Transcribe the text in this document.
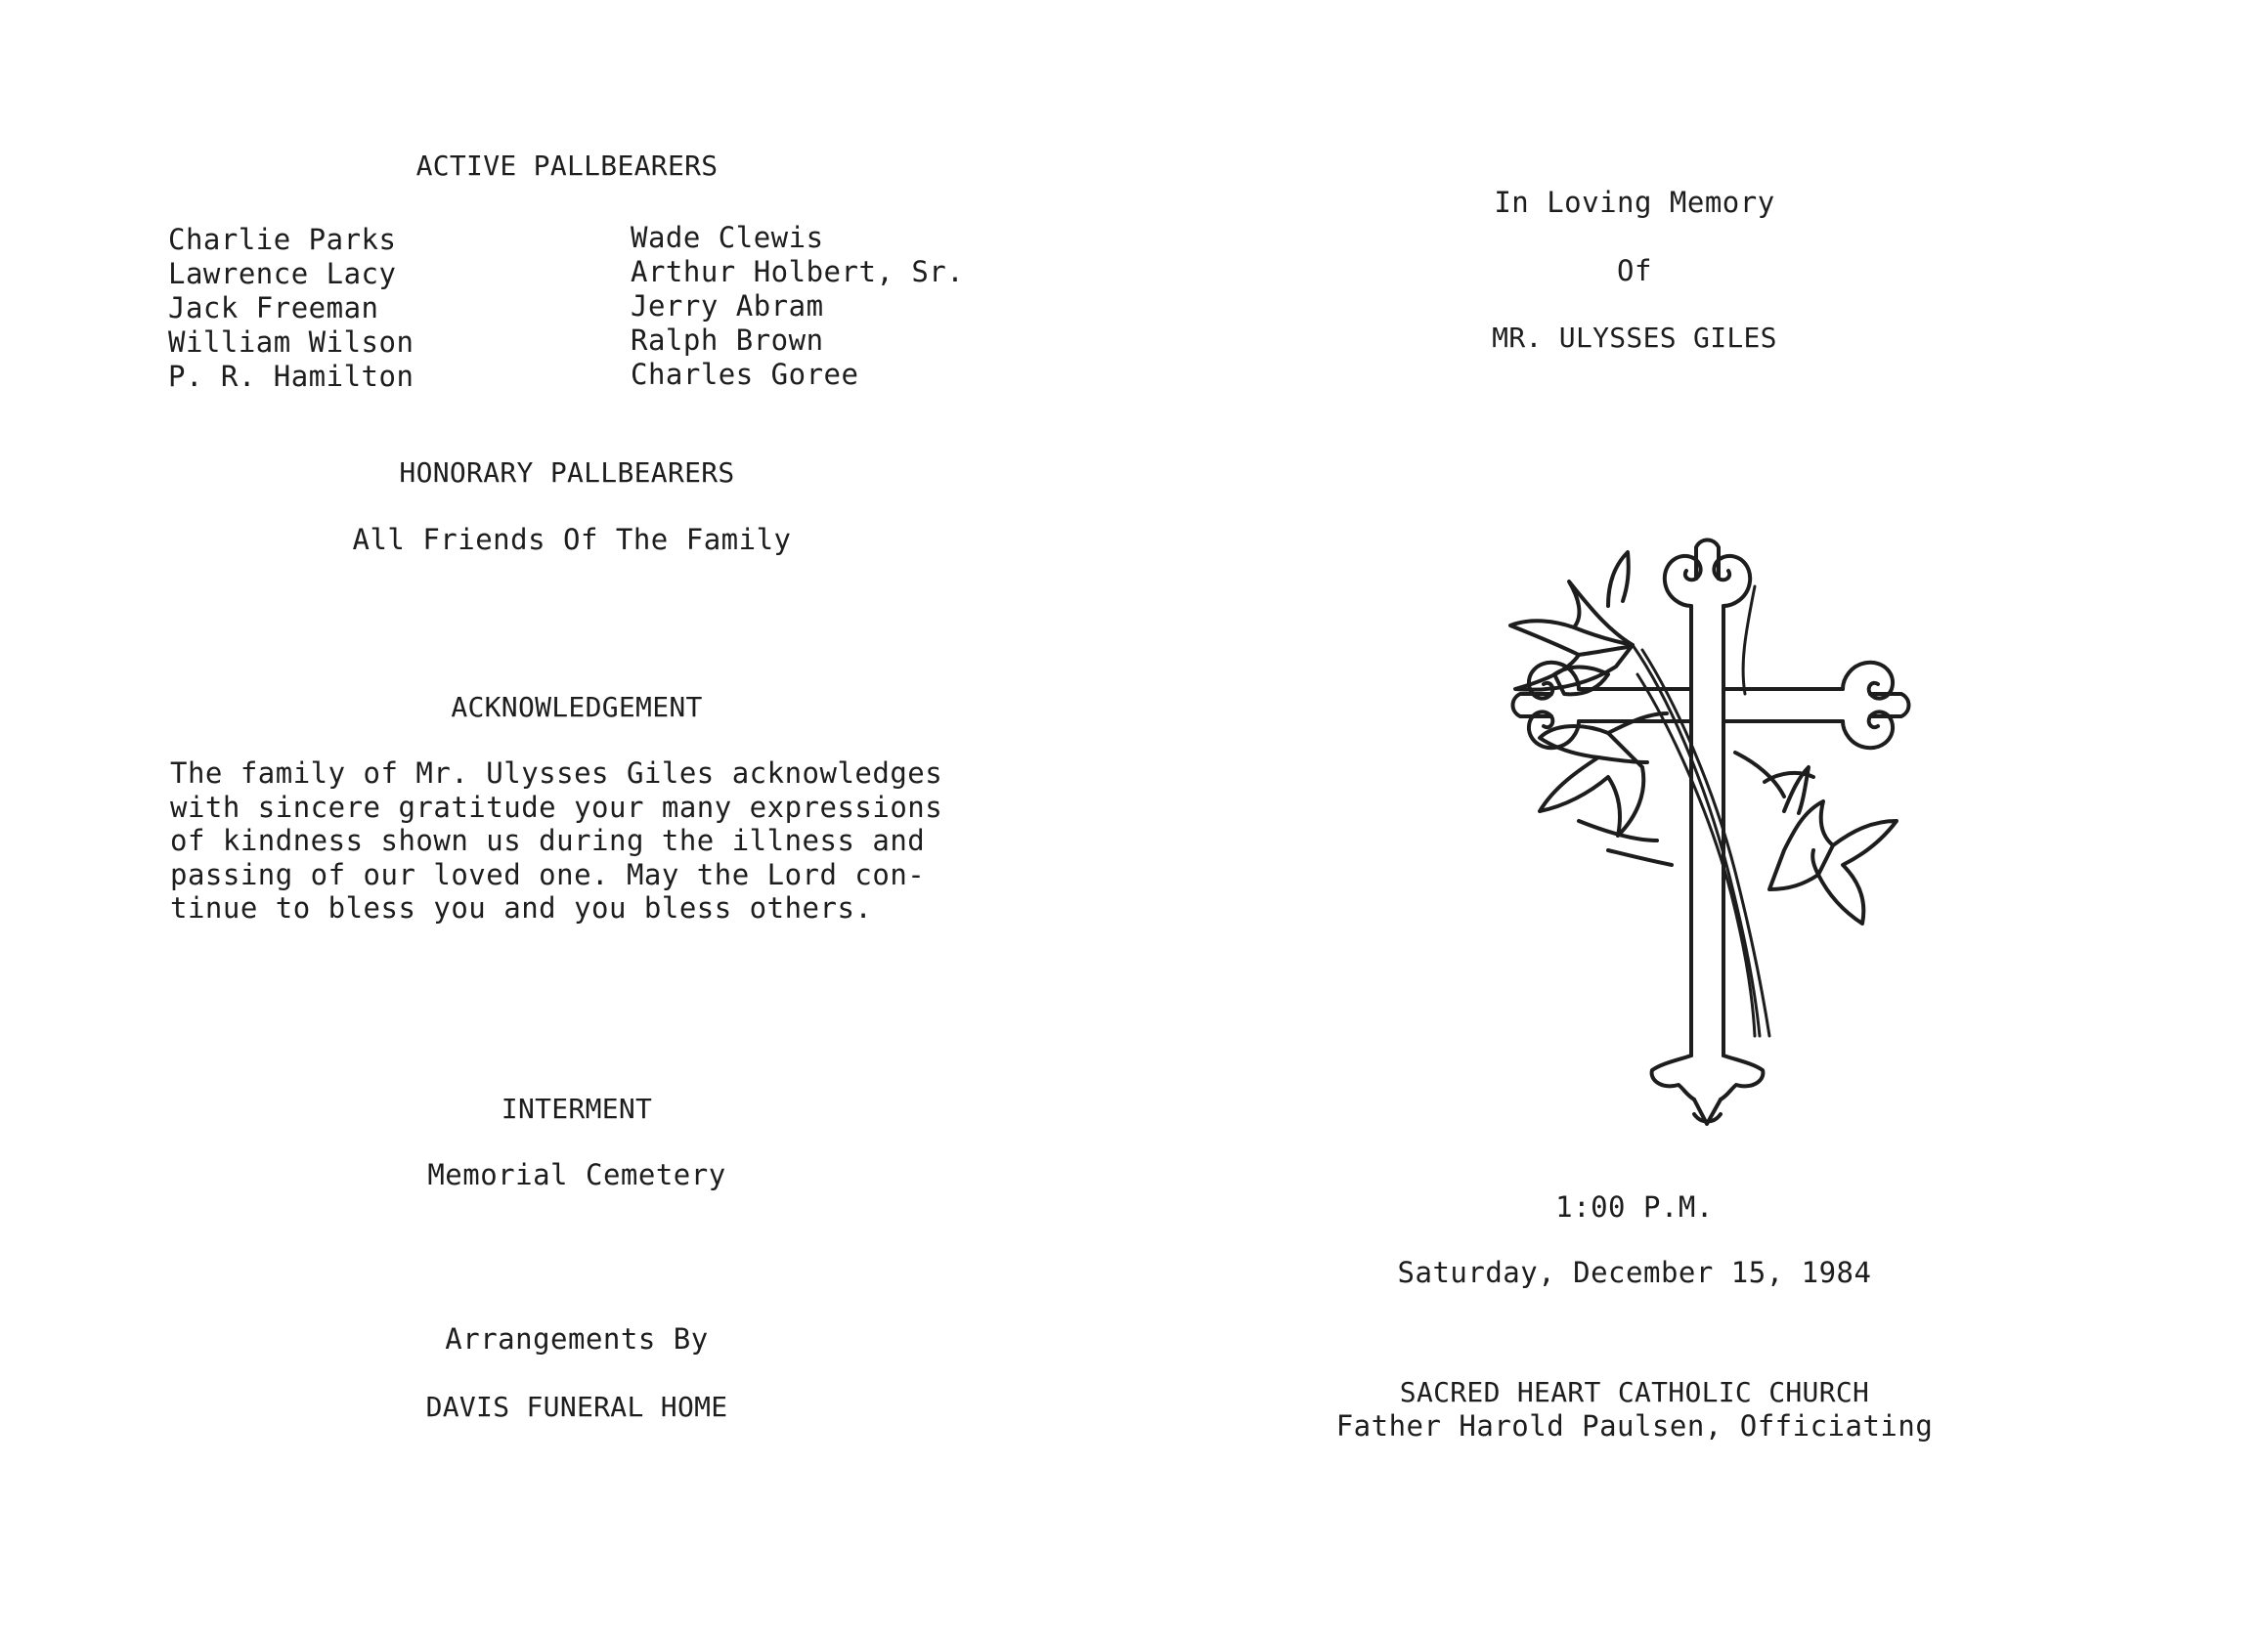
ACTIVE PALLBEARERS
Charlie Parks
Lawrence Lacy
Jack Freeman
William Wilson
P. R. Hamilton
Wade Clewis
Arthur Holbert, Sr.
Jerry Abram
Ralph Brown
Charles Goree
HONORARY PALLBEARERS
All Friends Of The Family
ACKNOWLEDGEMENT
The family of Mr. Ulysses Giles acknowledges
with sincere gratitude your many expressions
of kindness shown us during the illness and
passing of our loved one. May the Lord con-
tinue to bless you and you bless others.
INTERMENT
Memorial Cemetery
Arrangements By
DAVIS FUNERAL HOME
In Loving Memory
Of
MR. ULYSSES GILES
1:00 P.M.
Saturday, December 15, 1984
SACRED HEART CATHOLIC CHURCH
Father Harold Paulsen, Officiating
